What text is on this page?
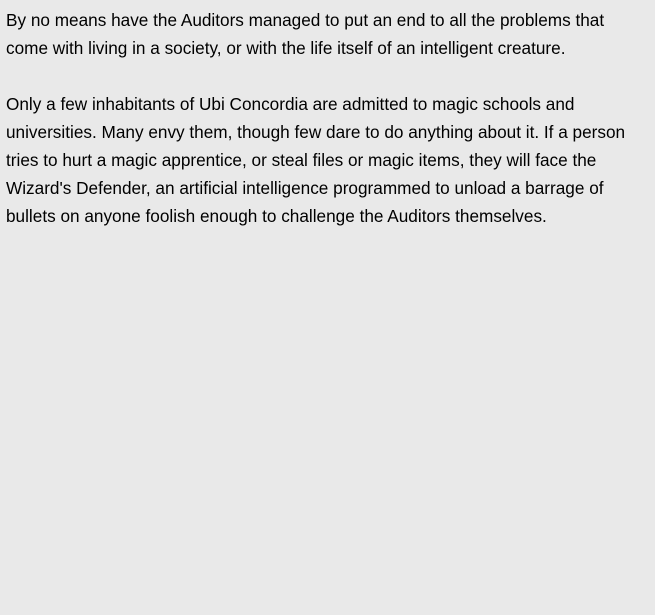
By no means have the Auditors managed to put an end to all the problems that come with living in a society, or with the life itself of an intelligent creature.

Only a few inhabitants of Ubi Concordia are admitted to magic schools and universities. Many envy them, though few dare to do anything about it. If a person tries to hurt a magic apprentice, or steal files or magic items, they will face the Wizard's Defender, an artificial intelligence programmed to unload a barrage of bullets on anyone foolish enough to challenge the Auditors themselves.
